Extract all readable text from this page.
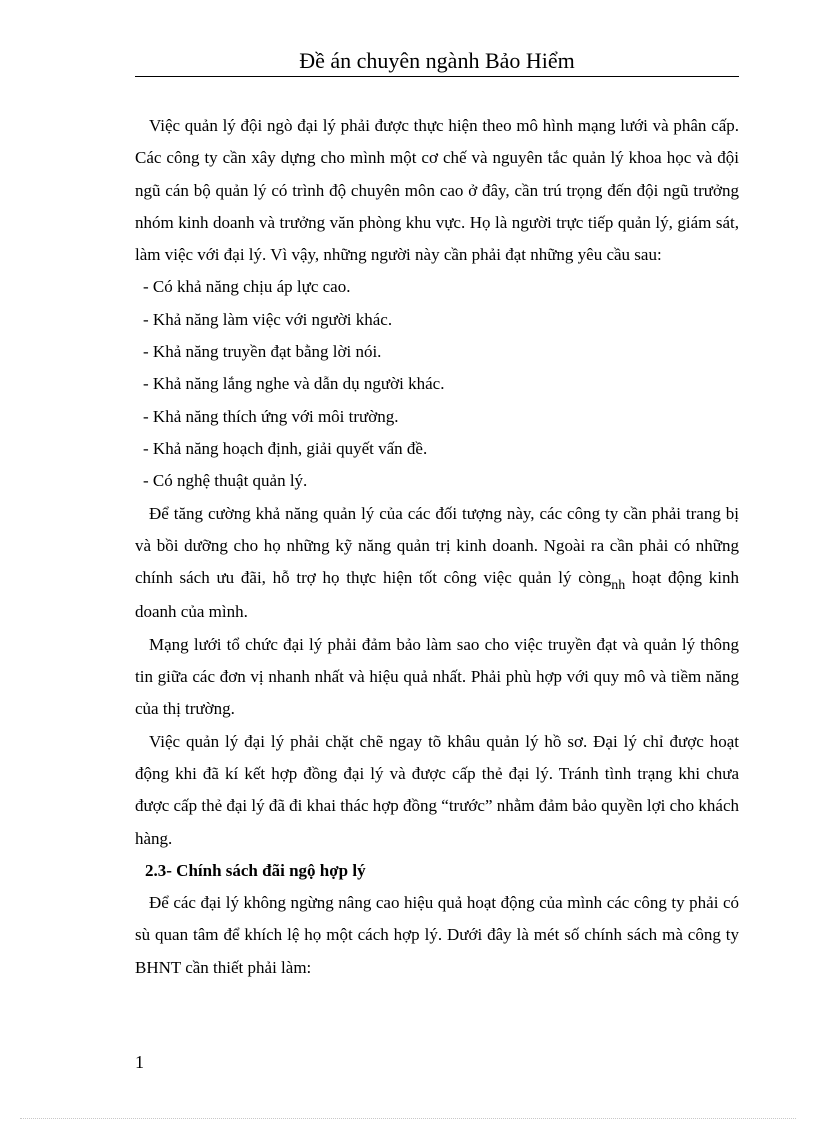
Đề án chuyên ngành Bảo Hiểm

Việc quản lý đội ngò đại lý phải được thực hiện theo mô hình mạng lưới và phân cấp. Các công ty cần xây dựng cho mình một cơ chế và nguyên tắc quản lý khoa học và đội ngũ cán bộ quản lý có trình độ chuyên môn cao ở đây, cần trú trọng đến đội ngũ trưởng nhóm kinh doanh và trưởng văn phòng khu vực. Họ là người trực tiếp quản lý, giám sát, làm việc với đại lý. Vì vậy, những người này cần phải đạt những yêu cầu sau:

- Có khả năng chịu áp lực cao.

- Khả năng làm việc với người khác.

- Khả năng truyền đạt bằng lời nói.

- Khả năng lắng nghe và dẫn dụ người khác.

- Khả năng thích ứng với môi trường.

- Khả năng hoạch định, giải quyết vấn đề.

- Có nghệ thuật quản lý.

Để tăng cường khả năng quản lý của các đối tượng này, các công ty cần phải trang bị và bồi dưỡng cho họ những kỹ năng quản trị kinh doanh. Ngoài ra cần phải có những chính sách ưu đãi, hỗ trợ họ thực hiện tốt công việc quản lý còng$_{nh}$ hoạt động kinh doanh của mình.

Mạng lưới tổ chức đại lý phải đảm bảo làm sao cho việc truyền đạt và quản lý thông tin giữa các đơn vị nhanh nhất và hiệu quả nhất. Phải phù hợp với quy mô và tiềm năng của thị trường.

Việc quản lý đại lý phải chặt chẽ ngay tõ khâu quản lý hồ sơ. Đại lý chỉ được hoạt động khi đã kí kết hợp đồng đại lý và được cấp thẻ đại lý. Tránh tình trạng khi chưa được cấp thẻ đại lý đã đi khai thác hợp đồng “trước” nhằm đảm bảo quyền lợi cho khách hàng.

2.3- Chính sách đãi ngộ hợp lý

Để các đại lý không ngừng nâng cao hiệu quả hoạt động của mình các công ty phải có sù quan tâm để khích lệ họ một cách hợp lý. Dưới đây là mét số chính sách mà công ty BHNT cần thiết phải làm:

1
